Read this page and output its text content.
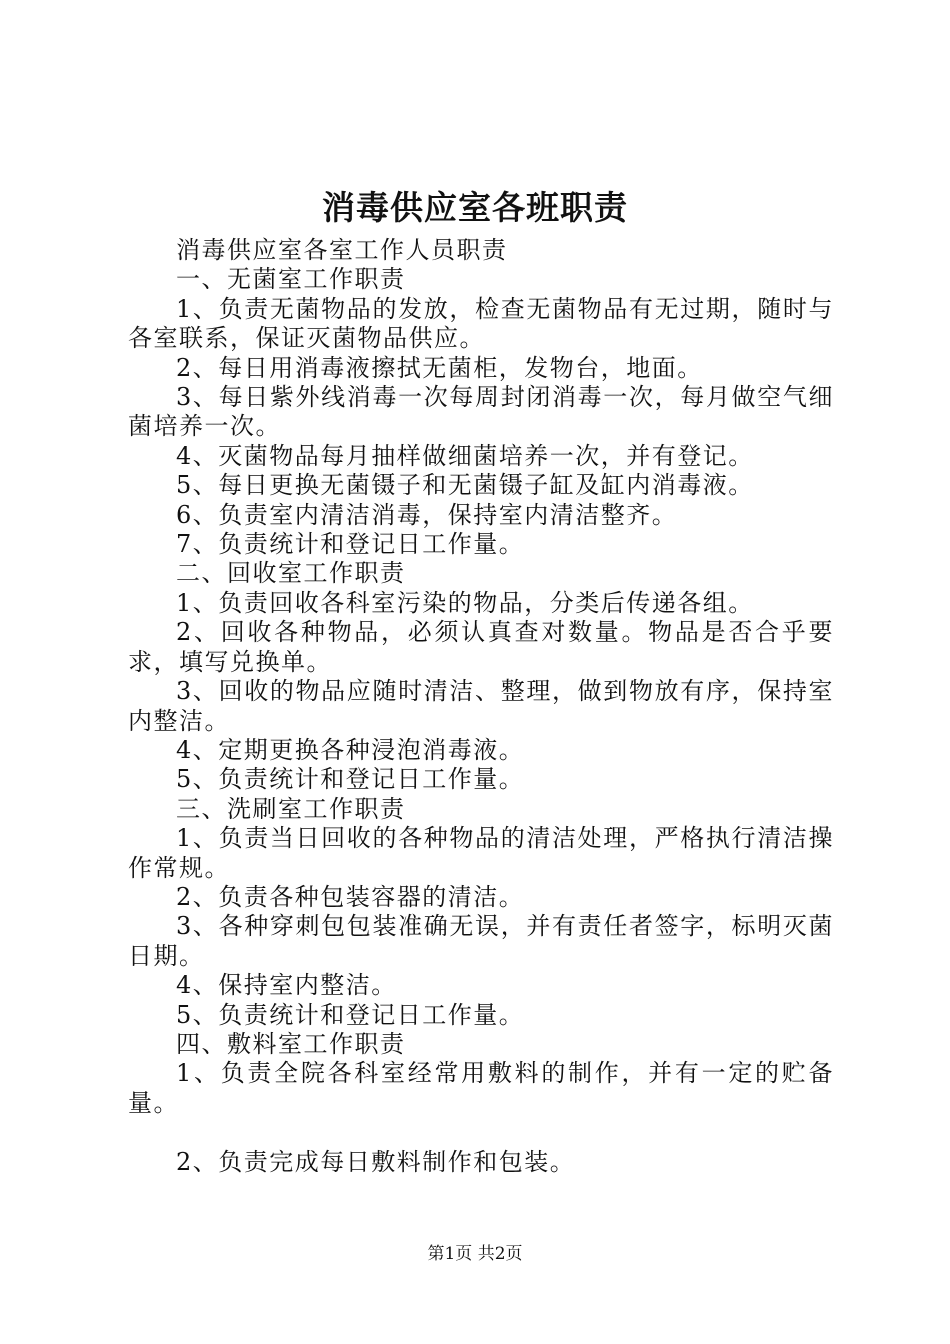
消毒供应室各班职责

消毒供应室各室工作人员职责

一、无菌室工作职责

1、负责无菌物品的发放，检查无菌物品有无过期，随时与各室联系，保证灭菌物品供应。

2、每日用消毒液擦拭无菌柜，发物台，地面。

3、每日紫外线消毒一次每周封闭消毒一次，每月做空气细菌培养一次。

4、灭菌物品每月抽样做细菌培养一次，并有登记。

5、每日更换无菌镊子和无菌镊子缸及缸内消毒液。

6、负责室内清洁消毒，保持室内清洁整齐。

7、负责统计和登记日工作量。

二、回收室工作职责

1、负责回收各科室污染的物品，分类后传递各组。

2、回收各种物品，必须认真查对数量。物品是否合乎要求，填写兑换单。

3、回收的物品应随时清洁、整理，做到物放有序，保持室内整洁。

4、定期更换各种浸泡消毒液。

5、负责统计和登记日工作量。

三、洗刷室工作职责

1、负责当日回收的各种物品的清洁处理，严格执行清洁操作常规。

2、负责各种包装容器的清洁。

3、各种穿刺包包装准确无误，并有责任者签字，标明灭菌日期。

4、保持室内整洁。

5、负责统计和登记日工作量。

四、敷料室工作职责

1、负责全院各科室经常用敷料的制作，并有一定的贮备量。

2、负责完成每日敷料制作和包装。

第1页 共2页
